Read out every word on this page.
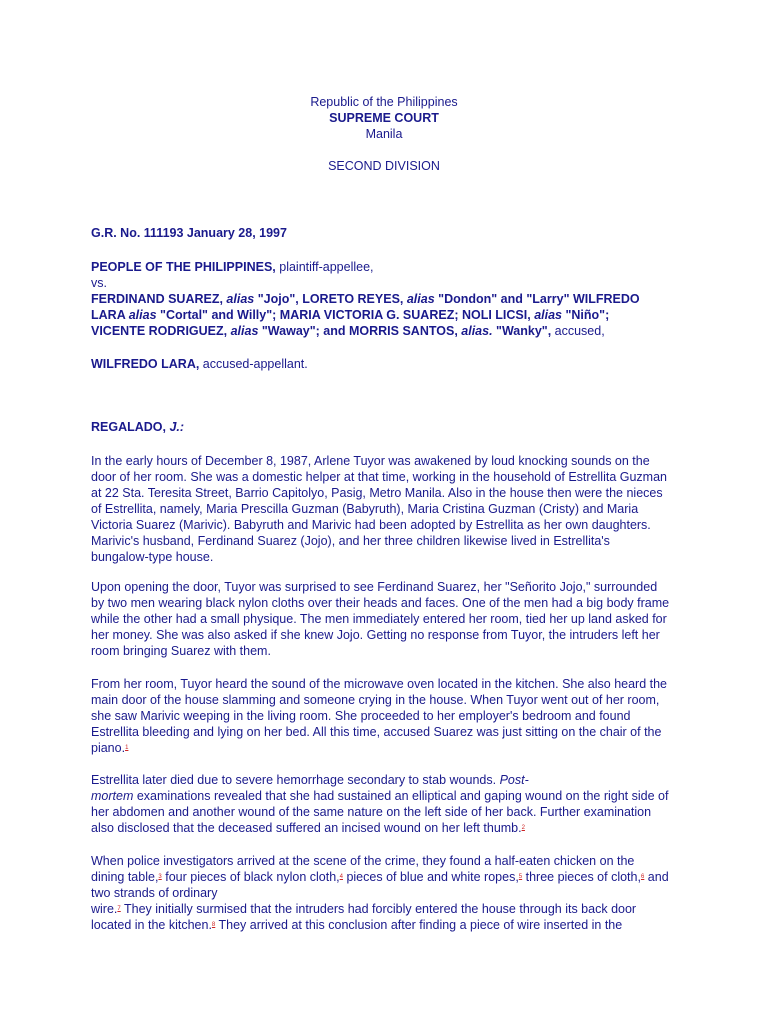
Republic of the Philippines
SUPREME COURT
Manila
SECOND DIVISION
G.R. No. 111193 January 28, 1997
PEOPLE OF THE PHILIPPINES, plaintiff-appellee,
vs.
FERDINAND SUAREZ, alias "Jojo", LORETO REYES, alias "Dondon" and "Larry" WILFREDO
LARA alias "Cortal" and Willy"; MARIA VICTORIA G. SUAREZ; NOLI LICSI, alias "Niño";
VICENTE RODRIGUEZ, alias "Waway"; and MORRIS SANTOS, alias. "Wanky", accused,
WILFREDO LARA, accused-appellant.
REGALADO, J.:

In the early hours of December 8, 1987, Arlene Tuyor was awakened by loud knocking sounds on the door of her room. She was a domestic helper at that time, working in the household of Estrellita Guzman at 22 Sta. Teresita Street, Barrio Capitolyo, Pasig, Metro Manila. Also in the house then were the nieces of Estrellita, namely, Maria Prescilla Guzman (Babyruth), Maria Cristina Guzman (Cristy) and Maria Victoria Suarez (Marivic). Babyruth and Marivic had been adopted by Estrellita as her own daughters. Marivic's husband, Ferdinand Suarez (Jojo), and her three children likewise lived in Estrellita's bungalow-type house.

Upon opening the door, Tuyor was surprised to see Ferdinand Suarez, her "Señorito Jojo," surrounded by two men wearing black nylon cloths over their heads and faces. One of the men had a big body frame while the other had a small physique. The men immediately entered her room, tied her up land asked for her money. She was also asked if she knew Jojo. Getting no response from Tuyor, the intruders left her room bringing Suarez with them.

From her room, Tuyor heard the sound of the microwave oven located in the kitchen. She also heard the main door of the house slamming and someone crying in the house. When Tuyor went out of her room, she saw Marivic weeping in the living room. She proceeded to her employer's bedroom and found Estrellita bleeding and lying on her bed. All this time, accused Suarez was just sitting on the chair of the piano.$^1$

Estrellita later died due to severe hemorrhage secondary to stab wounds. Post-
mortem examinations revealed that she had sustained an elliptical and gaping wound on the right side of her abdomen and another wound of the same nature on the left side of her back. Further examination also disclosed that the deceased suffered an incised wound on her left thumb.$^2$

When police investigators arrived at the scene of the crime, they found a half-eaten chicken on the dining table,$^3$ four pieces of black nylon cloth,$^4$ pieces of blue and white ropes,$^5$ three pieces of cloth,$^6$ and two strands of ordinary
wire.$^7$ They initially surmised that the intruders had forcibly entered the house through its back door located in the kitchen.$^8$ They arrived at this conclusion after finding a piece of wire inserted in the
